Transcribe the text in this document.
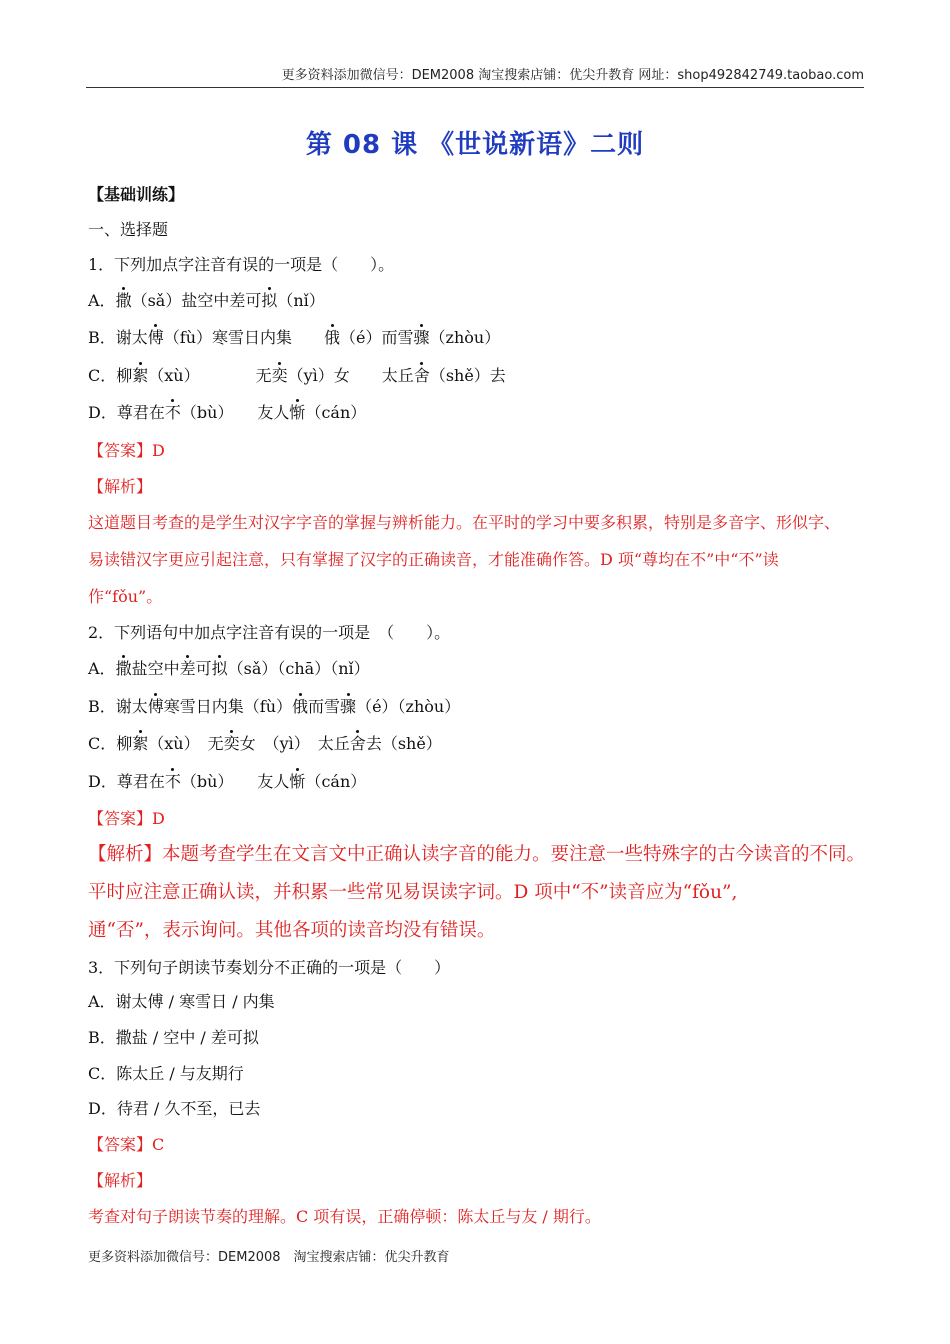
更多资料添加微信号：DEM2008 淘宝搜索店铺：优尖升教育 网址：shop492842749.taobao.com
第 08 课 《世说新语》二则
【基础训练】
一、选择题
1．下列加点字注音有误的一项是（　　）。
A．撒（sǎ）盐空中差可拟（nǐ）
B．谢太傅（fù）寒雪日内集　　俄（é）而雪骤（zhòu）
C．柳絮（xù）　　　　无奕（yì）女　　太丘舍（shě）去
D．尊君在不（bù）　　友人惭（cán）
【答案】D
【解析】
这道题目考查的是学生对汉字字音的掌握与辨析能力。在平时的学习中要多积累，特别是多音字、形似字、
易读错汉字更应引起注意，只有掌握了汉字的正确读音，才能准确作答。D 项“尊均在不”中“不”读
作“fǒu”。
2．下列语句中加点字注音有误的一项是　（　　）。
A．撒盐空中差可拟（sǎ）（chā）（nǐ）
B．谢太傅寒雪日内集（fù）俄而雪骤（é）（zhòu）
C．柳絮（xù）　无奕女　（yì）　太丘舍去（shě）
D．尊君在不（bù）　　友人惭（cán）
【答案】D
【解析】本题考查学生在文言文中正确认读字音的能力。要注意一些特殊字的古今读音的不同。
平时应注意正确认读，并积累一些常见易误读字词。D 项中“不”读音应为“fǒu”,
通“否”，表示询问。其他各项的读音均没有错误。
3．下列句子朗读节奏划分不正确的一项是（　　）
A．谢太傅 / 寒雪日 / 内集
B．撒盐 / 空中 / 差可拟
C．陈太丘 / 与友期行
D．待君 / 久不至，已去
【答案】C
【解析】
考查对句子朗读节奏的理解。C 项有误，正确停顿：陈太丘与友 / 期行。
更多资料添加微信号：DEM2008　淘宝搜索店铺：优尖升教育
